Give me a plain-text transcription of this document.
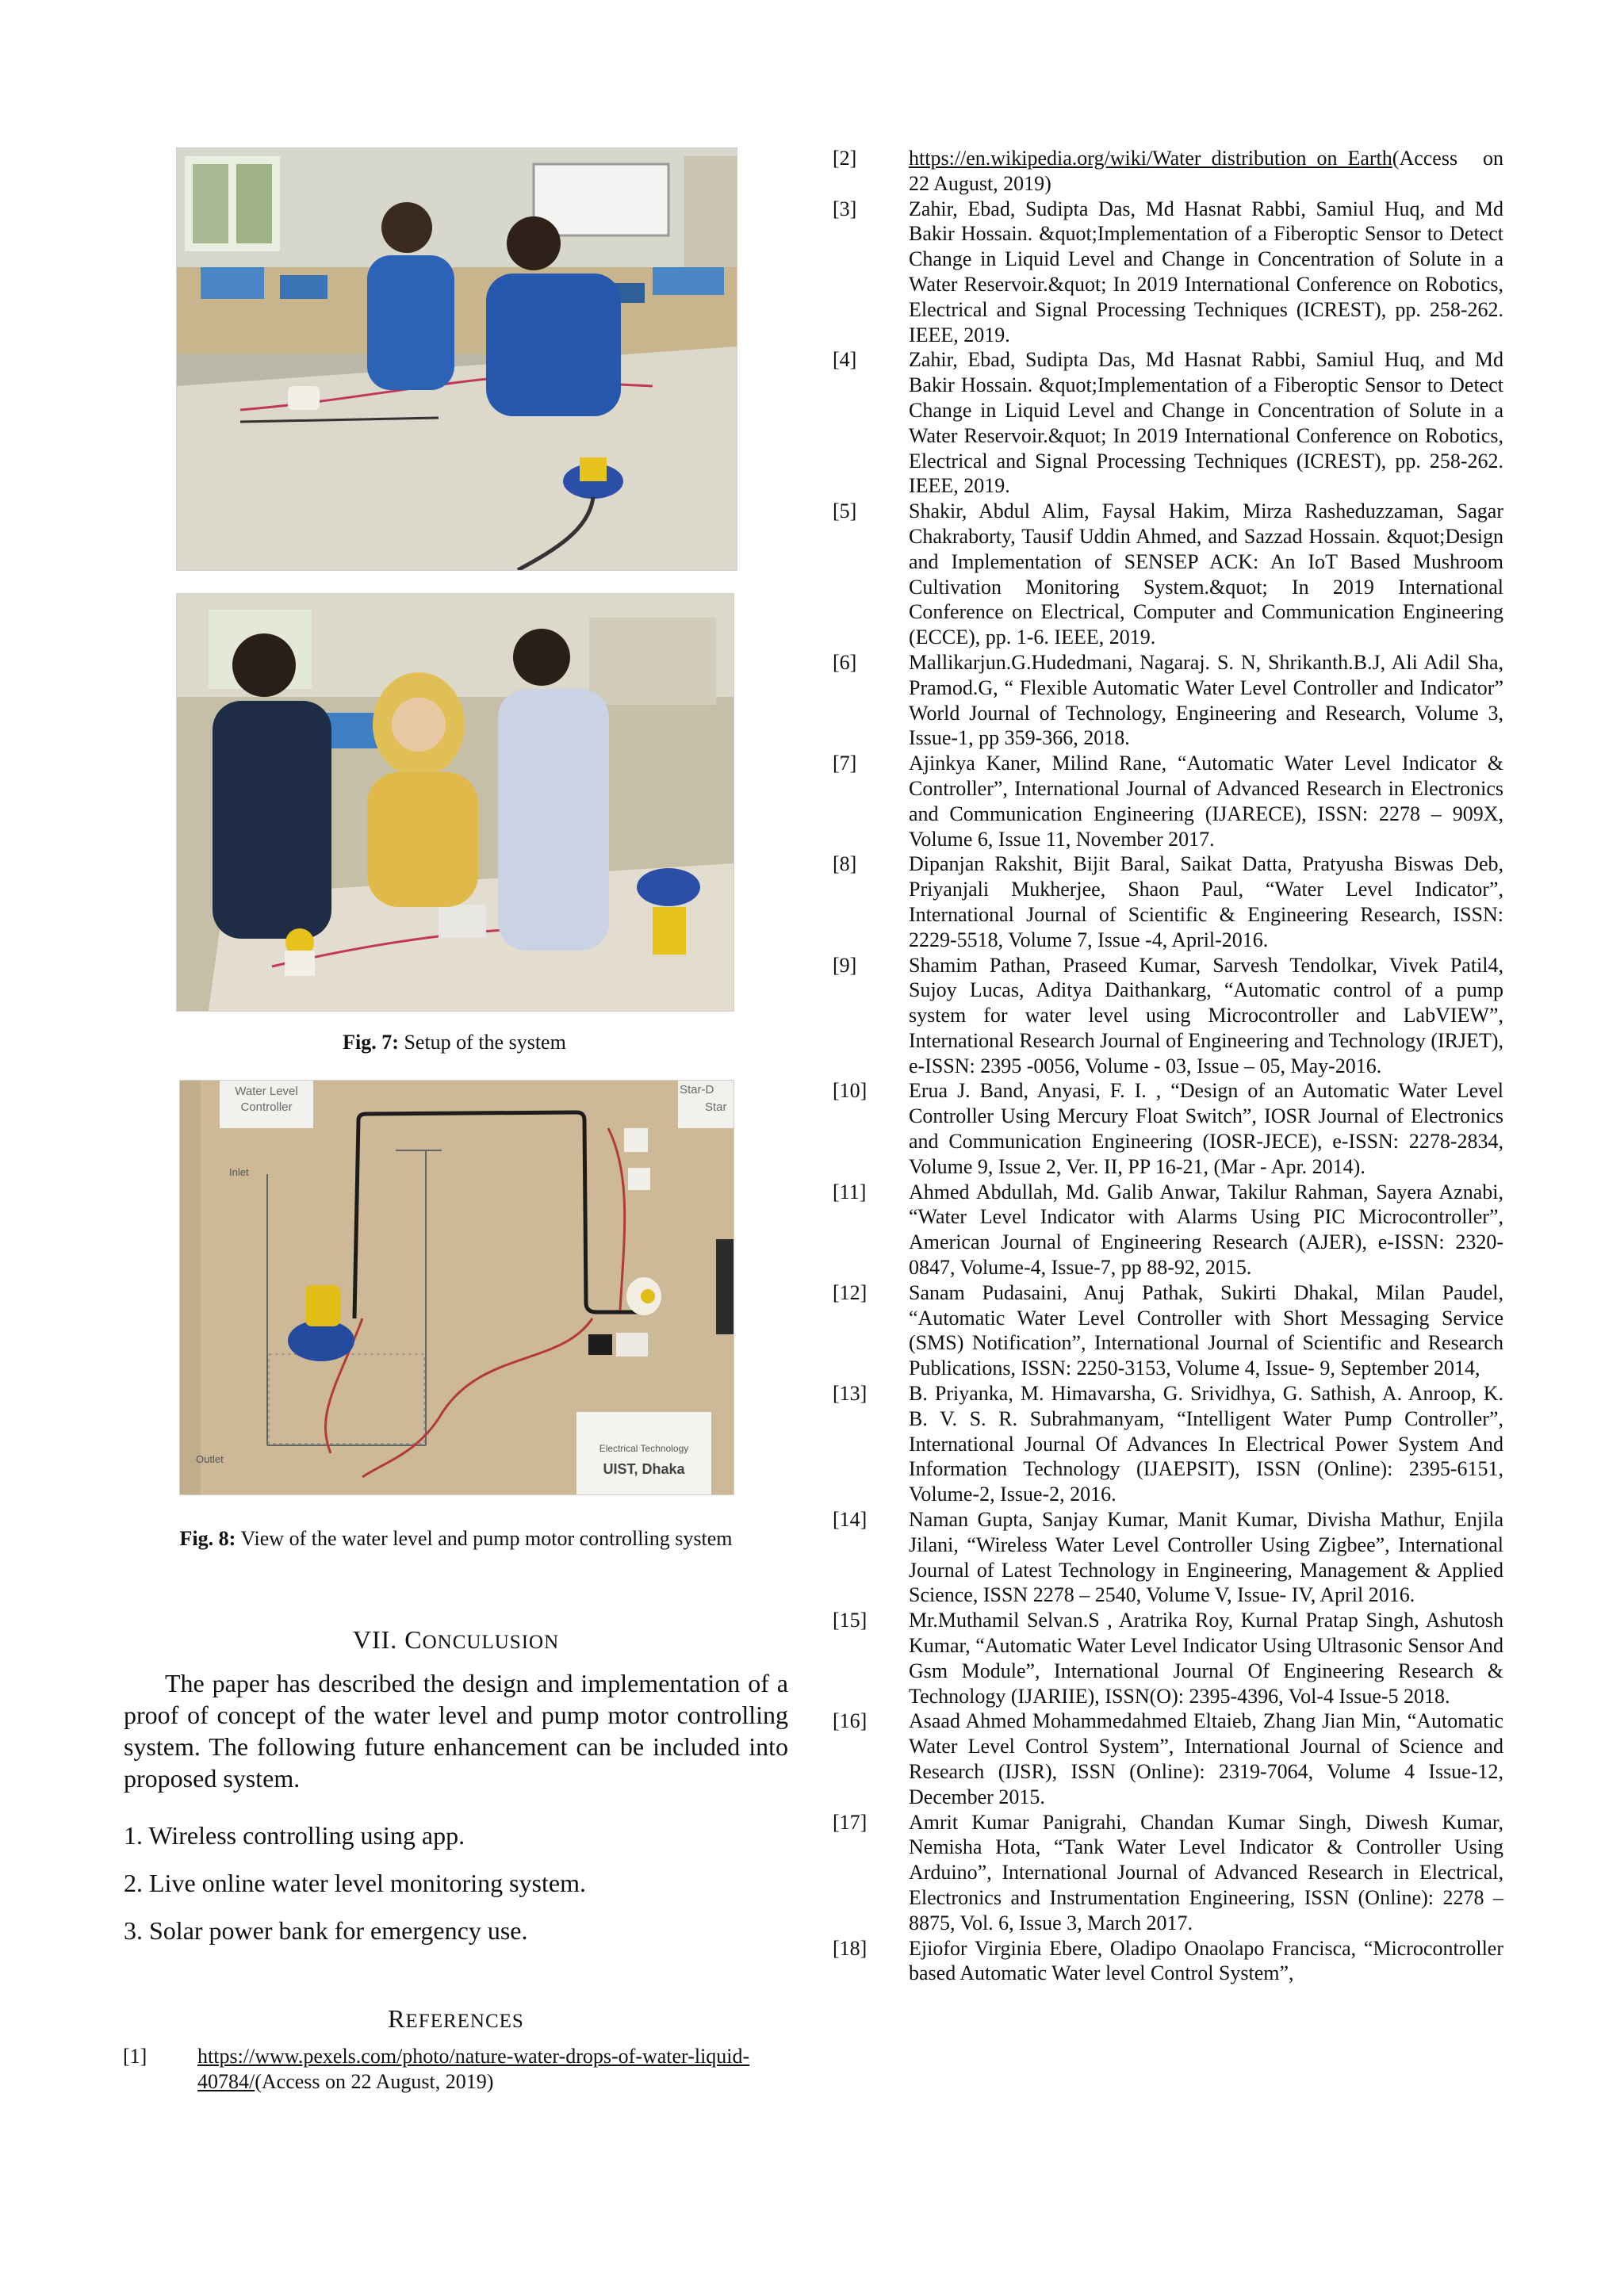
Fig. 7: Setup of the system
Water Level
Controller
Star-D
Star
Inlet
Outlet
Electrical Technology
UIST, Dhaka
Fig. 8: View of the water level and pump motor controlling system
VII. CONCULUSION
The paper has described the design and implementation of a proof of concept of the water level and pump motor controlling system. The following future enhancement can be included into proposed system.
1. Wireless controlling using app.
2. Live online water level monitoring system.
3. Solar power bank for emergency use.
REFERENCES
[1]	https://www.pexels.com/photo/nature-water-drops-of-water-liquid-40784/(Access on 22 August, 2019)
[2]	https://en.wikipedia.org/wiki/Water_distribution_on_Earth(Access on 22 August, 2019)
[3]	Zahir, Ebad, Sudipta Das, Md Hasnat Rabbi, Samiul Huq, and Md Bakir Hossain. &quot;Implementation of a Fiberoptic Sensor to Detect Change in Liquid Level and Change in Concentration of Solute in a Water Reservoir.&quot; In 2019 International Conference on Robotics, Electrical and Signal Processing Techniques (ICREST), pp. 258-262. IEEE, 2019.
[4]	Zahir, Ebad, Sudipta Das, Md Hasnat Rabbi, Samiul Huq, and Md Bakir Hossain. &quot;Implementation of a Fiberoptic Sensor to Detect Change in Liquid Level and Change in Concentration of Solute in a Water Reservoir.&quot; In 2019 International Conference on Robotics, Electrical and Signal Processing Techniques (ICREST), pp. 258-262. IEEE, 2019.
[5]	Shakir, Abdul Alim, Faysal Hakim, Mirza Rasheduzzaman, Sagar Chakraborty, Tausif Uddin Ahmed, and Sazzad Hossain. &quot;Design and Implementation of SENSEP ACK: An IoT Based Mushroom Cultivation Monitoring System.&quot; In 2019 International Conference on Electrical, Computer and Communication Engineering (ECCE), pp. 1-6. IEEE, 2019.
[6]	Mallikarjun.G.Hudedmani, Nagaraj. S. N, Shrikanth.B.J, Ali Adil Sha, Pramod.G, “ Flexible Automatic Water Level Controller and Indicator” World Journal of Technology, Engineering and Research, Volume 3, Issue-1, pp 359-366, 2018.
[7]	Ajinkya Kaner, Milind Rane, “Automatic Water Level Indicator & Controller”, International Journal of Advanced Research in Electronics and Communication Engineering (IJARECE), ISSN: 2278 – 909X, Volume 6, Issue 11, November 2017.
[8]	Dipanjan Rakshit, Bijit Baral, Saikat Datta, Pratyusha Biswas Deb, Priyanjali Mukherjee, Shaon Paul, “Water Level Indicator”, International Journal of Scientific & Engineering Research, ISSN: 2229-5518, Volume 7, Issue -4, April-2016.
[9]	Shamim Pathan, Praseed Kumar, Sarvesh Tendolkar, Vivek Patil4, Sujoy Lucas, Aditya Daithankarg, “Automatic control of a pump system for water level using Microcontroller and LabVIEW”, International Research Journal of Engineering and Technology (IRJET), e-ISSN: 2395 -0056, Volume - 03, Issue – 05, May-2016.
[10]	Erua J. Band, Anyasi, F. I. , “Design of an Automatic Water Level Controller Using Mercury Float Switch”, IOSR Journal of Electronics and Communication Engineering (IOSR-JECE), e-ISSN: 2278-2834, Volume 9, Issue 2, Ver. II, PP 16-21, (Mar - Apr. 2014).
[11]	Ahmed Abdullah, Md. Galib Anwar, Takilur Rahman, Sayera Aznabi, “Water Level Indicator with Alarms Using PIC Microcontroller”, American Journal of Engineering Research (AJER), e-ISSN: 2320-0847, Volume-4, Issue-7, pp 88-92, 2015.
[12]	Sanam Pudasaini, Anuj Pathak, Sukirti Dhakal, Milan Paudel, “Automatic Water Level Controller with Short Messaging Service (SMS) Notification”, International Journal of Scientific and Research Publications, ISSN: 2250-3153, Volume 4, Issue- 9, September 2014,
[13]	B. Priyanka, M. Himavarsha, G. Srividhya, G. Sathish, A. Anroop, K. B. V. S. R. Subrahmanyam, “Intelligent Water Pump Controller”, International Journal Of Advances In Electrical Power System And Information Technology (IJAEPSIT), ISSN (Online): 2395-6151, Volume-2, Issue-2, 2016.
[14]	Naman Gupta, Sanjay Kumar, Manit Kumar, Divisha Mathur, Enjila Jilani, “Wireless Water Level Controller Using Zigbee”, International Journal of Latest Technology in Engineering, Management & Applied Science, ISSN 2278 – 2540, Volume V, Issue- IV, April 2016.
[15]	Mr.Muthamil Selvan.S , Aratrika Roy, Kurnal Pratap Singh, Ashutosh Kumar, “Automatic Water Level Indicator Using Ultrasonic Sensor And Gsm Module”, International Journal Of Engineering Research & Technology (IJARIIE), ISSN(O): 2395-4396, Vol-4 Issue-5 2018.
[16]	Asaad Ahmed Mohammedahmed Eltaieb, Zhang Jian Min, “Automatic Water Level Control System”, International Journal of Science and Research (IJSR), ISSN (Online): 2319-7064, Volume 4 Issue-12, December 2015.
[17]	Amrit Kumar Panigrahi, Chandan Kumar Singh, Diwesh Kumar, Nemisha Hota, “Tank Water Level Indicator & Controller Using Arduino”, International Journal of Advanced Research in Electrical, Electronics and Instrumentation Engineering, ISSN (Online): 2278 – 8875, Vol. 6, Issue 3, March 2017.
[18]	Ejiofor Virginia Ebere, Oladipo Onaolapo Francisca, “Microcontroller based Automatic Water level Control System”,
